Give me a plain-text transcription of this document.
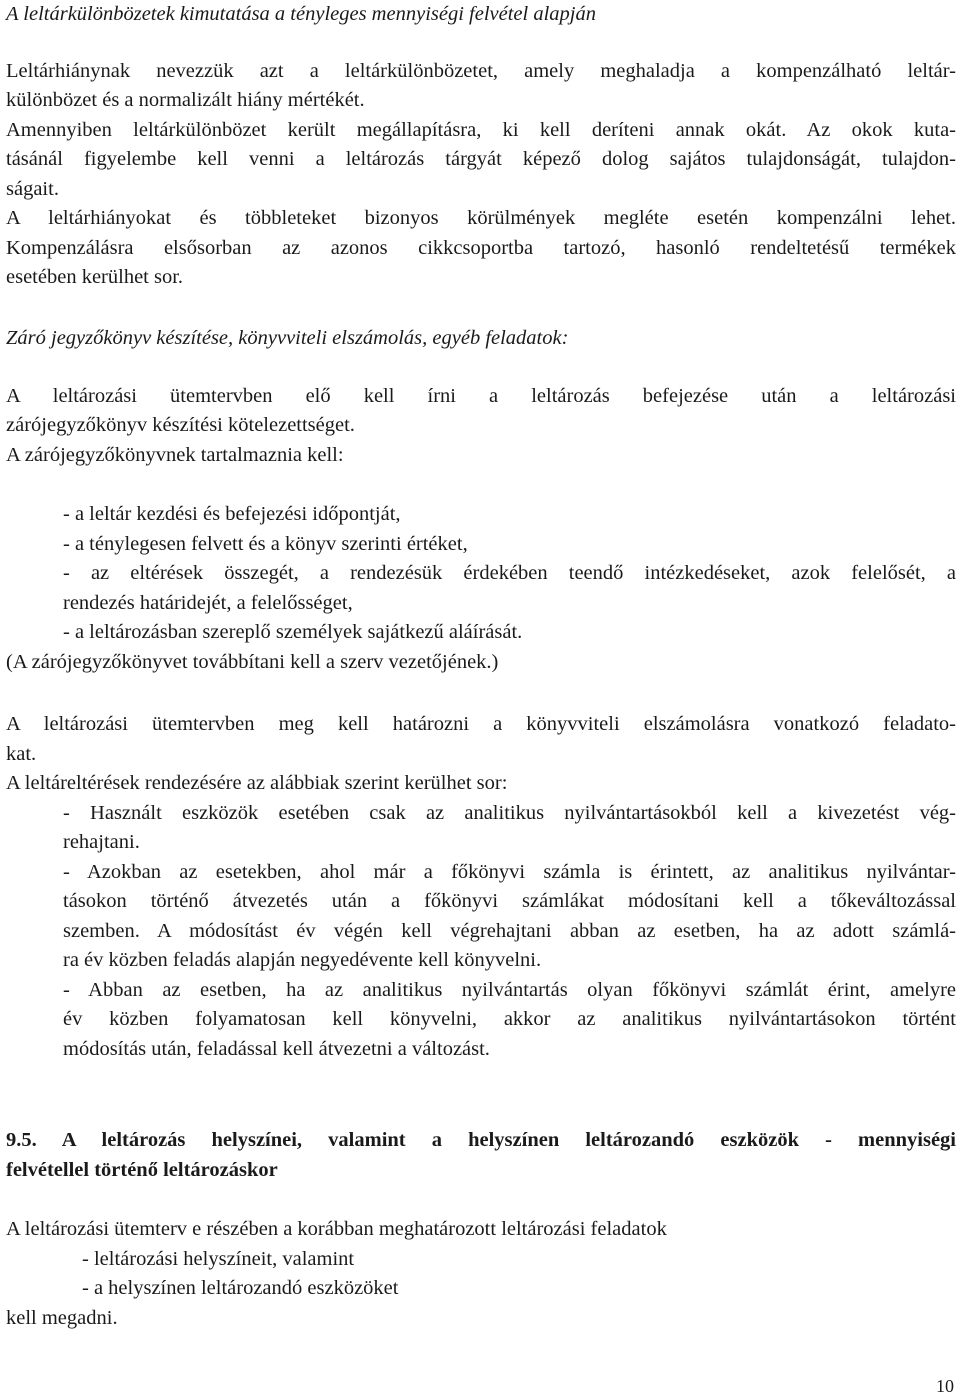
A leltárkülönbözetek kimutatása a tényleges mennyiségi felvétel alapján
Leltárhiánynak nevezzük azt a leltárkülönbözetet, amely meghaladja a kompenzálható leltár-
különbözet és a normalizált hiány mértékét.
Amennyiben leltárkülönbözet került megállapításra, ki kell deríteni annak okát. Az okok kuta-
tásánál figyelembe kell venni a leltározás tárgyát képező dolog sajátos tulajdonságát, tulajdon-
ságait.
A leltárhiányokat és többleteket bizonyos körülmények megléte esetén kompenzálni lehet.
Kompenzálásra elsősorban az azonos cikkcsoportba tartozó, hasonló rendeltetésű termékek
esetében kerülhet sor.
Záró jegyzőkönyv készítése, könyvviteli elszámolás, egyéb feladatok:
A leltározási ütemtervben elő kell írni a leltározás befejezése után a leltározási
zárójegyzőkönyv készítési kötelezettséget.
A zárójegyzőkönyvnek tartalmaznia kell:
- a leltár kezdési és befejezési időpontját,
- a ténylegesen felvett és a könyv szerinti értéket,
- az eltérések összegét, a rendezésük érdekében teendő intézkedéseket, azok felelősét, a
rendezés határidejét, a felelősséget,
- a leltározásban szereplő személyek sajátkezű aláírását.
(A zárójegyzőkönyvet továbbítani kell a szerv vezetőjének.)
A leltározási ütemtervben meg kell határozni a könyvviteli elszámolásra vonatkozó feladato-
kat.
A leltáreltérések rendezésére az alábbiak szerint kerülhet sor:
- Használt eszközök esetében csak az analitikus nyilvántartásokból kell a kivezetést vég-
rehajtani.
- Azokban az esetekben, ahol már a főkönyvi számla is érintett, az analitikus nyilvántar-
tásokon történő átvezetés után a főkönyvi számlákat módosítani kell a tőkeváltozással
szemben. A módosítást év végén kell végrehajtani abban az esetben, ha az adott számlá-
ra év közben feladás alapján negyedévente kell könyvelni.
- Abban az esetben, ha az analitikus nyilvántartás olyan főkönyvi számlát érint, amelyre
év közben folyamatosan kell könyvelni, akkor az analitikus nyilvántartásokon történt
módosítás után, feladással kell átvezetni a változást.
9.5. A leltározás helyszínei, valamint a helyszínen leltározandó eszközök - mennyiségi
felvétellel történő leltározáskor
A leltározási ütemterv e részében a korábban meghatározott leltározási feladatok
- leltározási helyszíneit, valamint
- a helyszínen leltározandó eszközöket
kell megadni.
10
